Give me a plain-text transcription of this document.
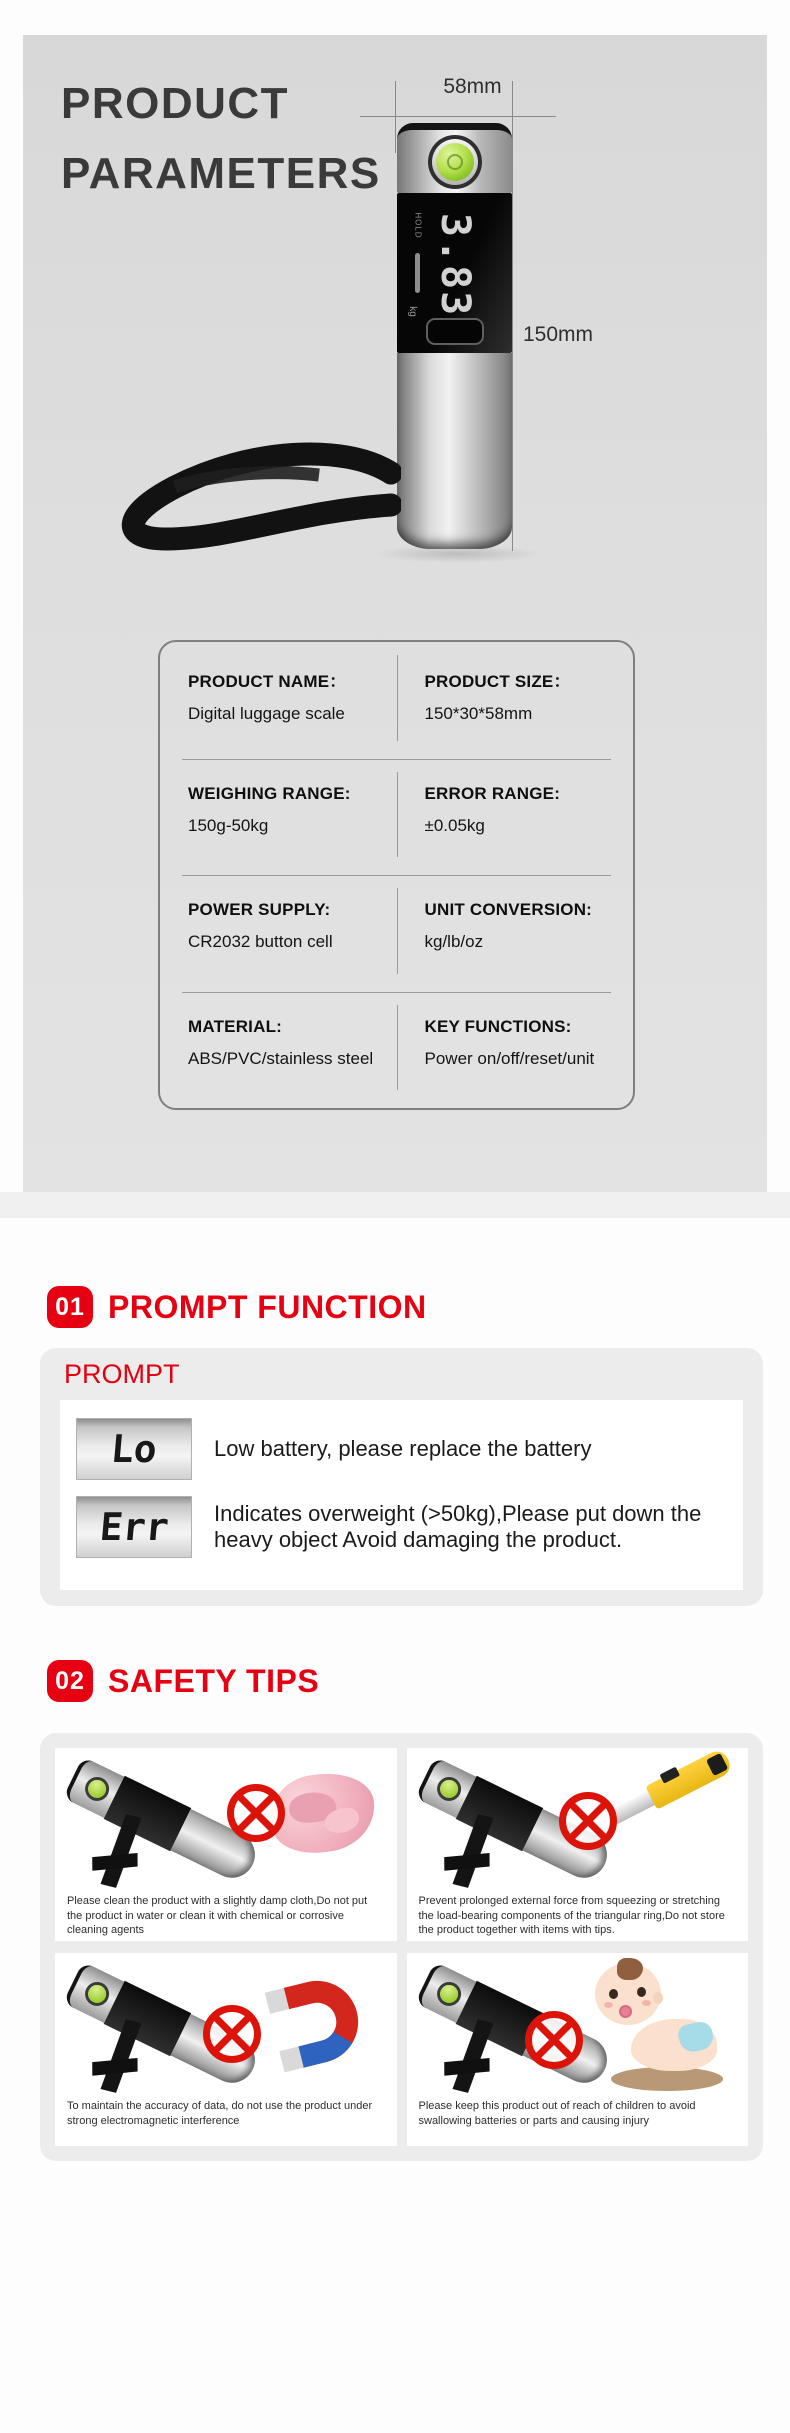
PRODUCT
PARAMETERS
58mm
150mm
HOLD 3.83
kg
PRODUCT NAME：
Digital luggage scale
PRODUCT SIZE：
150*30*58mm
WEIGHING RANGE:
150g-50kg
ERROR RANGE:
±0.05kg
POWER SUPPLY:
CR2032 button cell
UNIT CONVERSION:
kg/lb/oz
MATERIAL:
ABS/PVC/stainless steel
KEY FUNCTIONS:
Power on/off/reset/unit
01 PROMPT FUNCTION
PROMPT
Lo	Low battery, please replace the battery
Err Indicates overweight (>50kg),Please put down the heavy object Avoid damaging the product.
02 SAFETY TIPS
Please clean the product with a slightly damp cloth,Do not put the product in water or clean it with chemical or corrosive cleaning agents
Prevent prolonged external force from squeezing or stretching the load-bearing components of the triangular ring,Do not store the product together with items with tips.
To maintain the accuracy of data, do not use the product under strong electromagnetic interference
Please keep this product out of reach of children to avoid swallowing batteries or parts and causing injury
